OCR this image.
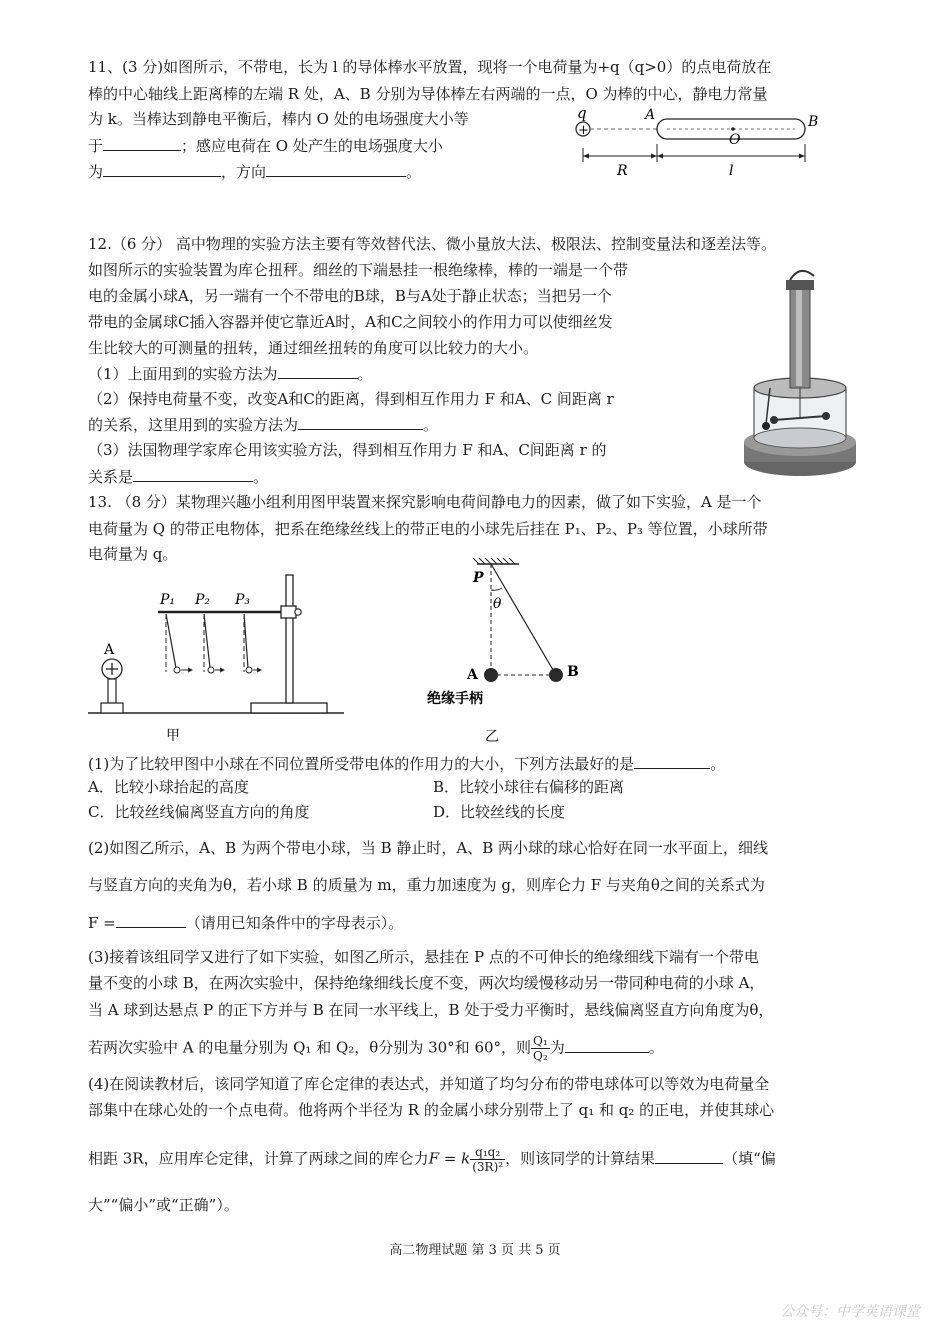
11、(3 分)如图所示，不带电，长为 l 的导体棒水平放置，现将一个电荷量为+q（q>0）的点电荷放在
棒的中心轴线上距离棒的左端 R 处，A、B 分别为导体棒左右两端的一点，O 为棒的中心，静电力常量
为 k。当棒达到静电平衡后，棒内 O 处的电场强度大小等
于	；感应电荷在 O 处产生的电场强度大小
为	，方向	。
q
+
A	B
O
R	l
12.（6 分） 高中物理的实验方法主要有等效替代法、微小量放大法、极限法、控制变量法和逐差法等。
如图所示的实验装置为库仑扭秤。细丝的下端悬挂一根绝缘棒，棒的一端是一个带
电的金属小球A，另一端有一个不带电的B球，B与A处于静止状态；当把另一个
带电的金属球C插入容器并使它靠近A时，A和C之间较小的作用力可以使细丝发
生比较大的可测量的扭转，通过细丝扭转的角度可以比较力的大小。
（1）上面用到的实验方法为	。
（2）保持电荷量不变，改变A和C的距离，得到相互作用力 F 和A、C 间距离 r
的关系，这里用到的实验方法为	。
（3）法国物理学家库仑用该实验方法，得到相互作用力 F 和A、C间距离 r 的
关系是	。
13. （8 分）某物理兴趣小组利用图甲装置来探究影响电荷间静电力的因素，做了如下实验，A 是一个
电荷量为 Q 的带正电物体，把系在绝缘丝线上的带正电的小球先后挂在 P₁、P₂、P₃ 等位置，小球所带
电荷量为 q。
P₁ P₂ P₃
A
甲
P
θ
A	B
绝缘手柄
乙
(1)为了比较甲图中小球在不同位置所受带电体的作用力的大小，下列方法最好的是	。
A．比较小球抬起的高度	B．比较小球往右偏移的距离
C．比较丝线偏离竖直方向的角度	D．比较丝线的长度
(2)如图乙所示，A、B 为两个带电小球，当 B 静止时，A、B 两小球的球心恰好在同一水平面上，细线
与竖直方向的夹角为θ，若小球 B 的质量为 m，重力加速度为 g，则库仑力 F 与夹角θ之间的关系式为
F =	（请用已知条件中的字母表示）。
(3)接着该组同学又进行了如下实验，如图乙所示，悬挂在 P 点的不可伸长的绝缘细线下端有一个带电
量不变的小球 B，在两次实验中，保持绝缘细线长度不变，两次均缓慢移动另一带同种电荷的小球 A，
当 A 球到达悬点 P 的正下方并与 B 在同一水平线上，B 处于受力平衡时，悬线偏离竖直方向角度为θ，
若两次实验中 A 的电量分别为 Q₁ 和 Q₂，θ分别为 30°和 60°，则 $\frac{\text{Q₁}}{\text{Q₂}}$ 为	。
(4)在阅读教材后，该同学知道了库仑定律的表达式，并知道了均匀分布的带电球体可以等效为电荷量全
部集中在球心处的一个点电荷。他将两个半径为 R 的金属小球分别带上了 q₁ 和 q₂ 的正电，并使其球心
相距 3R，应用库仑定律，计算了两球之间的库仑力F = k $\frac{\text{q₁q₂}}{\text{(3R)²}}$ ，则该同学的计算结果	（填“偏
大”“偏小”或“正确”）。
高二物理试题 第 3 页 共 5 页
公众号：中学英语课堂
